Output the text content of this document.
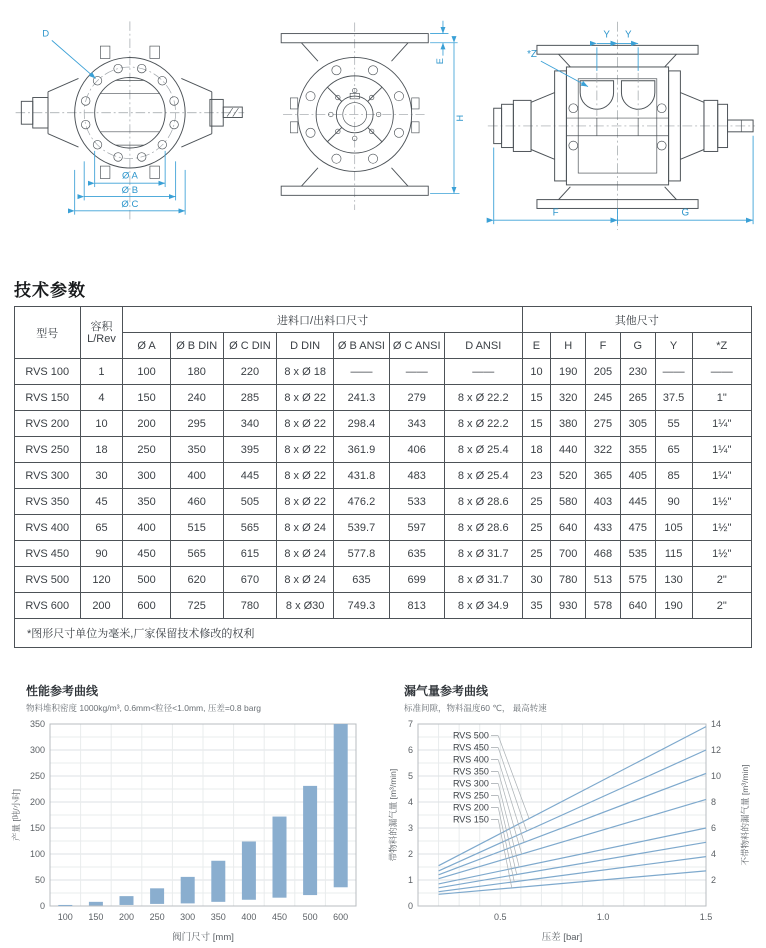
D
Ø A
Ø B
Ø C
E
H
Y Y
*Z
F	G
技术参数
型号	容积
L/Rev	进料口/出料口尺寸							其他尺寸					
		Ø A	Ø B DIN	Ø C DIN	D DIN	Ø B ANSI	Ø C ANSI	D ANSI	E	H	F	G	Y	*Z
RVS 100	1	100	180	220	8 x Ø 18	——	——	——	10	190	205	230	——	——
RVS 150	4	150	240	285	8 x Ø 22	241.3	279	8 x Ø 22.2	15	320	245	265	37.5	1"
RVS 200	10	200	295	340	8 x Ø 22	298.4	343	8 x Ø 22.2	15	380	275	305	55	1¼"
RVS 250	18	250	350	395	8 x Ø 22	361.9	406	8 x Ø 25.4	18	440	322	355	65	1¼"
RVS 300	30	300	400	445	8 x Ø 22	431.8	483	8 x Ø 25.4	23	520	365	405	85	1¼"
RVS 350	45	350	460	505	8 x Ø 22	476.2	533	8 x Ø 28.6	25	580	403	445	90	1½"
RVS 400	65	400	515	565	8 x Ø 24	539.7	597	8 x Ø 28.6	25	640	433	475	105	1½"
RVS 450	90	450	565	615	8 x Ø 24	577.8	635	8 x Ø 31.7	25	700	468	535	115	1½"
RVS 500	120	500	620	670	8 x Ø 24	635	699	8 x Ø 31.7	30	780	513	575	130	2"
RVS 600	200	600	725	780	8 x Ø30	749.3	813	8 x Ø 34.9	35	930	578	640	190	2"
*图形尺寸单位为毫米,厂家保留技术修改的权利														
性能参考曲线
物料堆积密度 1000kg/m³, 0.6mm<粒径<1.0mm, 压差=0.8 barg
100 150 200 250 300 350 400 450 500 600
0
50
100
150
200
250
300
350
阀门尺寸 [mm]
产量 [吨/小时]
漏气量参考曲线
标准间隙，物料温度60 ℃， 最高转速
0.5	1.0	1.5
0
1
2
3
4
5
6
7
2
4
6
8
10
12
14
RVS 500
RVS 450
RVS 400
RVS 350
RVS 300
RVS 250
RVS 200
RVS 150
压差 [bar]
带物料的漏气量 [m³/min]	不带物料的漏气量 [m³/min]
